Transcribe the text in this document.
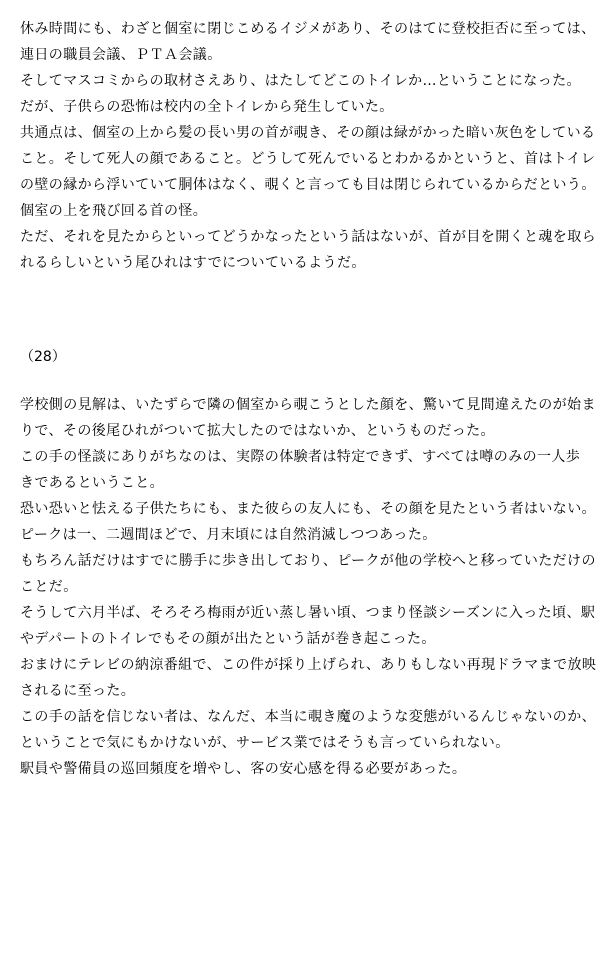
休み時間にも、わざと個室に閉じこめるイジメがあり、そのはてに登校拒否に至っては、
連日の職員会議、ＰＴＡ会議。
そしてマスコミからの取材さえあり、はたしてどこのトイレか…ということになった。
だが、子供らの恐怖は校内の全トイレから発生していた。
共通点は、個室の上から髪の長い男の首が覗き、その顔は緑がかった暗い灰色をしている
こと。そして死人の顔であること。どうして死んでいるとわかるかというと、首はトイレ
の壁の縁から浮いていて胴体はなく、覗くと言っても目は閉じられているからだという。
個室の上を飛び回る首の怪。
ただ、それを見たからといってどうかなったという話はないが、首が目を開くと魂を取ら
れるらしいという尾ひれはすでについているようだ。
（28）
学校側の見解は、いたずらで隣の個室から覗こうとした顔を、驚いて見間違えたのが始ま
りで、その後尾ひれがついて拡大したのではないか、というものだった。
この手の怪談にありがちなのは、実際の体験者は特定できず、すべては噂のみの一人歩
きであるということ。
恐い恐いと怯える子供たちにも、また彼らの友人にも、その顔を見たという者はいない。
ピークは一、二週間ほどで、月末頃には自然消滅しつつあった。
もちろん話だけはすでに勝手に歩き出しており、ピークが他の学校へと移っていただけの
ことだ。
そうして六月半ば、そろそろ梅雨が近い蒸し暑い頃、つまり怪談シーズンに入った頃、駅
やデパートのトイレでもその顔が出たという話が巻き起こった。
おまけにテレビの納涼番組で、この件が採り上げられ、ありもしない再現ドラマまで放映
されるに至った。
この手の話を信じない者は、なんだ、本当に覗き魔のような変態がいるんじゃないのか、
ということで気にもかけないが、サービス業ではそうも言っていられない。
駅員や警備員の巡回頻度を増やし、客の安心感を得る必要があった。
